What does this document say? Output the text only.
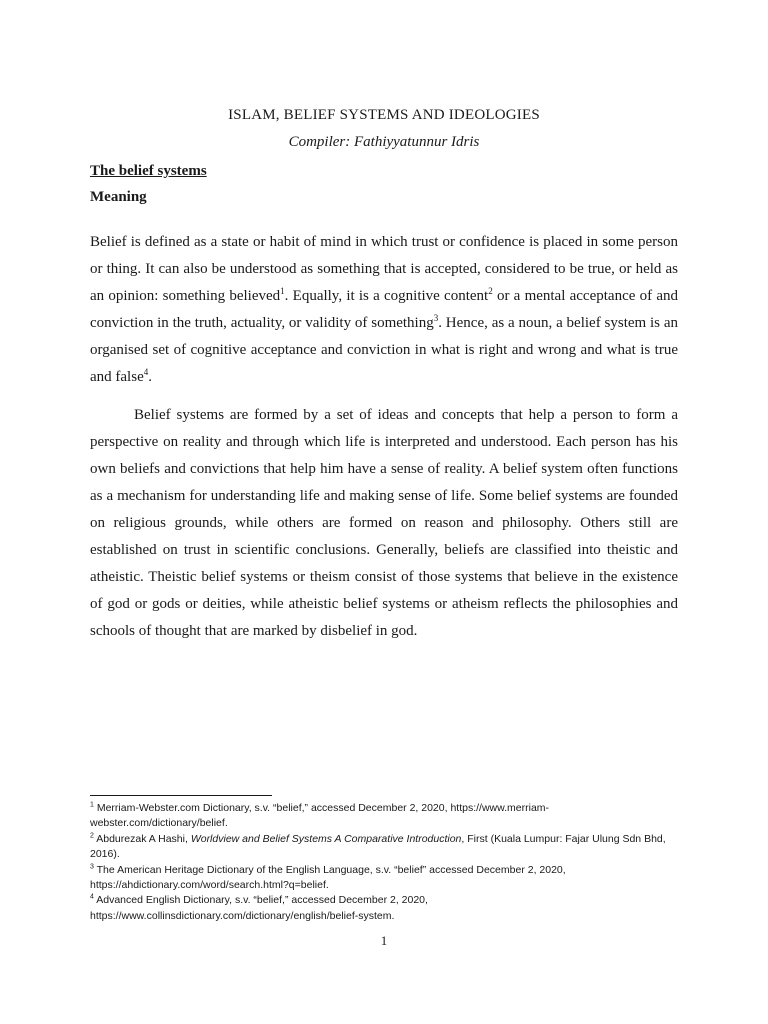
ISLAM, BELIEF SYSTEMS AND IDEOLOGIES
Compiler: Fathiyyatunnur Idris
The belief systems
Meaning

Belief is defined as a state or habit of mind in which trust or confidence is placed in some person or thing. It can also be understood as something that is accepted, considered to be true, or held as an opinion: something believed$^1$. Equally, it is a cognitive content$^2$ or a mental acceptance of and conviction in the truth, actuality, or validity of something$^3$. Hence, as a noun, a belief system is an organised set of cognitive acceptance and conviction in what is right and wrong and what is true and false$^4$.

Belief systems are formed by a set of ideas and concepts that help a person to form a perspective on reality and through which life is interpreted and understood. Each person has his own beliefs and convictions that help him have a sense of reality. A belief system often functions as a mechanism for understanding life and making sense of life. Some belief systems are founded on religious grounds, while others are formed on reason and philosophy. Others still are established on trust in scientific conclusions. Generally, beliefs are classified into theistic and atheistic. Theistic belief systems or theism consist of those systems that believe in the existence of god or gods or deities, while atheistic belief systems or atheism reflects the philosophies and schools of thought that are marked by disbelief in god.

$^1$ Merriam-Webster.com Dictionary, s.v. “belief,” accessed December 2, 2020, https://www.merriam-webster.com/dictionary/belief.
$^2$ Abdurezak A Hashi, Worldview and Belief Systems A Comparative Introduction, First (Kuala Lumpur: Fajar Ulung Sdn Bhd, 2016).
$^3$ The American Heritage Dictionary of the English Language, s.v. “belief” accessed December 2, 2020, https://ahdictionary.com/word/search.html?q=belief.
$^4$ Advanced English Dictionary, s.v. “belief,” accessed December 2, 2020, https://www.collinsdictionary.com/dictionary/english/belief-system.
1
